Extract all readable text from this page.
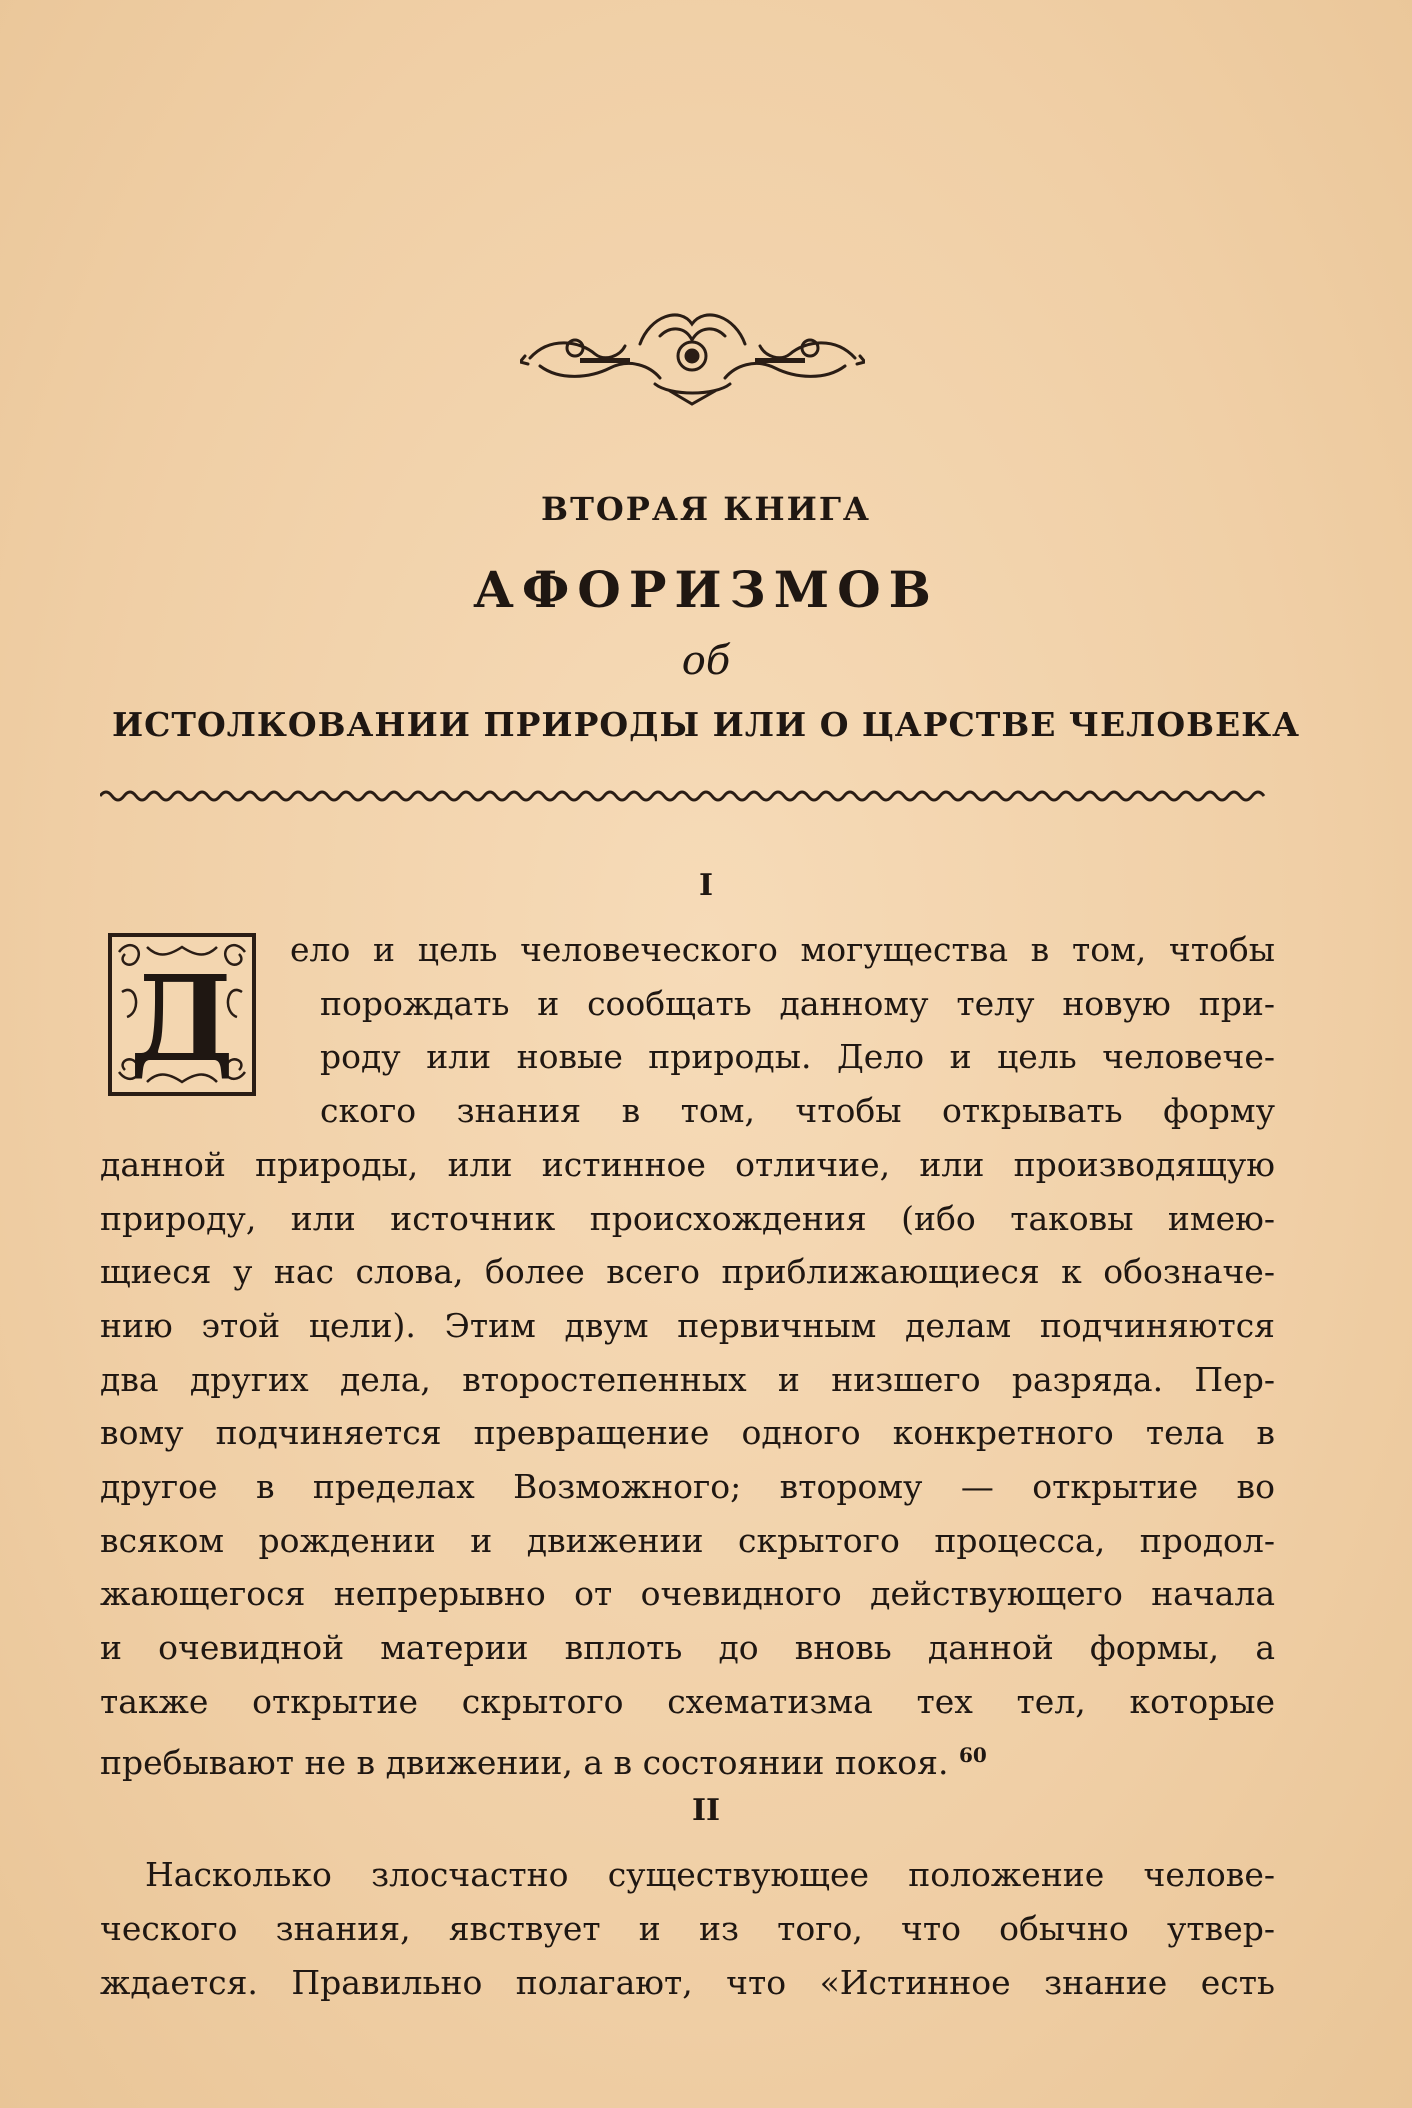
ВТОРАЯ КНИГА
АФОРИЗМОВ
об
ИСТОЛКОВАНИИ ПРИРОДЫ ИЛИ О ЦАРСТВЕ ЧЕЛОВЕКА
I
Д ело и цель человеческого могущества в том, чтобы
порождать и сообщать данному телу новую при-
роду или новые природы. Дело и цель человече-
ского знания в том, чтобы открывать форму
данной природы, или истинное отличие, или производящую
природу, или источник происхождения (ибо таковы имею-
щиеся у нас слова, более всего приближающиеся к обозначе-
нию этой цели). Этим двум первичным делам подчиняются
два других дела, второстепенных и низшего разряда. Пер-
вому подчиняется превращение одного конкретного тела в
другое в пределах Возможного; второму — открытие во
всяком рождении и движении скрытого процесса, продол-
жающегося непрерывно от очевидного действующего начала
и очевидной материи вплоть до вновь данной формы, а
также открытие скрытого схематизма тех тел, которые
пребывают не в движении, а в состоянии покоя. $^{60}$
II
Насколько злосчастно существующее положение челове-
ческого знания, явствует и из того, что обычно утвер-
ждается. Правильно полагают, что «Истинное знание есть
